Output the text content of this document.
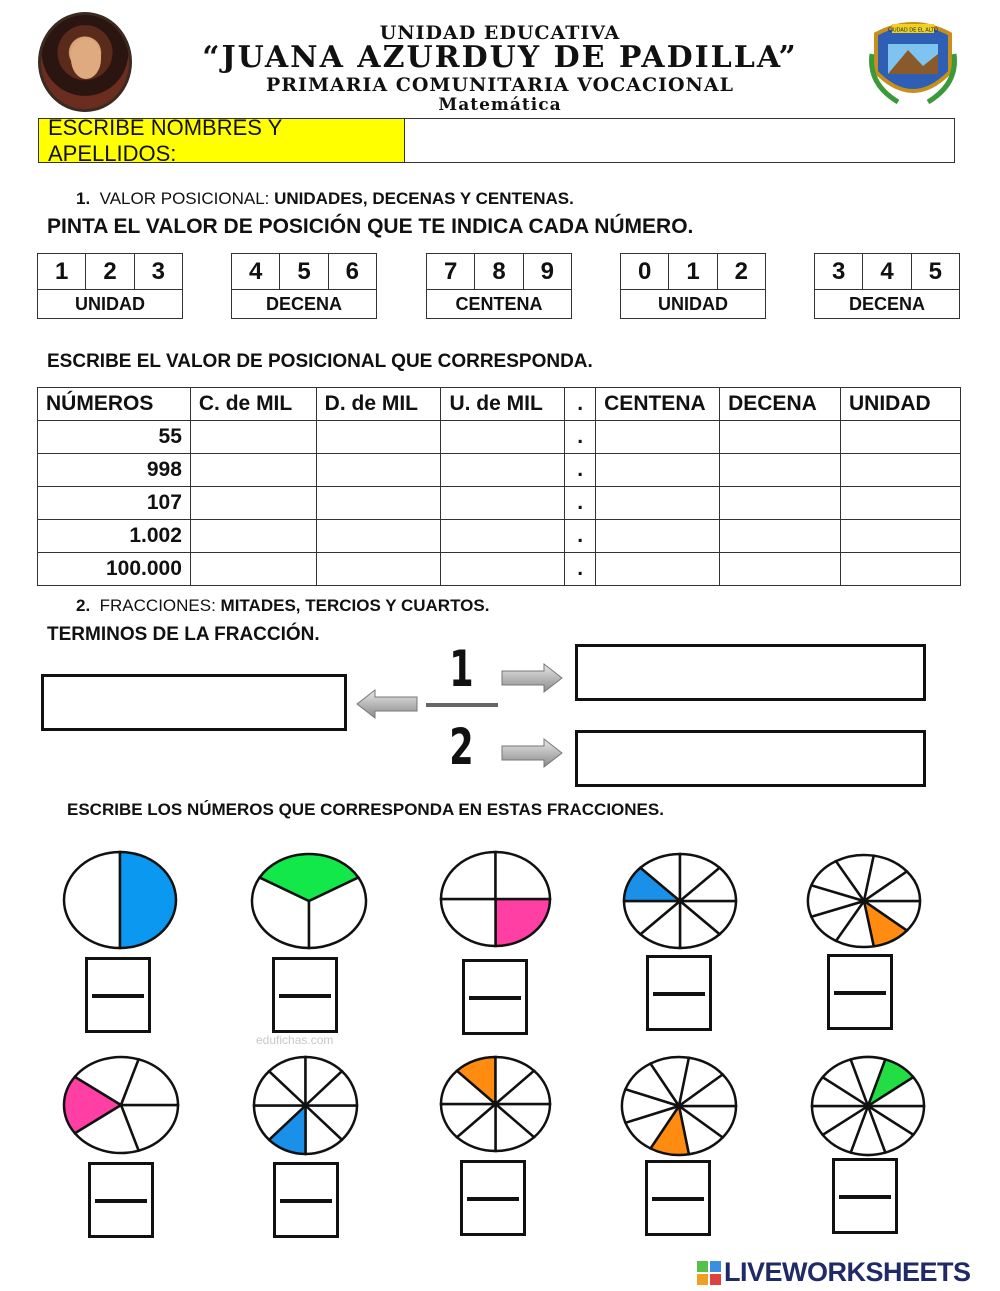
CIUDAD DE EL ALTO
UNIDAD EDUCATIVA
“JUANA AZURDUY DE PADILLA”
PRIMARIA COMUNITARIA VOCACIONAL
Matemática
ESCRIBE NOMBRES Y APELLIDOS:
1. VALOR POSICIONAL: UNIDADES, DECENAS Y CENTENAS.
PINTA EL VALOR DE POSICIÓN QUE TE INDICA CADA NÚMERO.
1	2	3
UNIDAD
4	5	6
DECENA
7	8	9
CENTENA
0	1	2
UNIDAD
3	4	5
DECENA
ESCRIBE EL VALOR DE POSICIONAL QUE CORRESPONDA.
NÚMEROS	C. de MIL	D. de MIL	U. de MIL	.	CENTENA	DECENA	UNIDAD
55				.			
998				.			
107				.			
1.002				.			
100.000				.			
2. FRACCIONES: MITADES, TERCIOS Y CUARTOS.
TERMINOS DE LA FRACCIÓN.
1
2
ESCRIBE LOS NÚMEROS QUE CORRESPONDA EN ESTAS FRACCIONES.
edufichas.com
LIVEWORKSHEETS
